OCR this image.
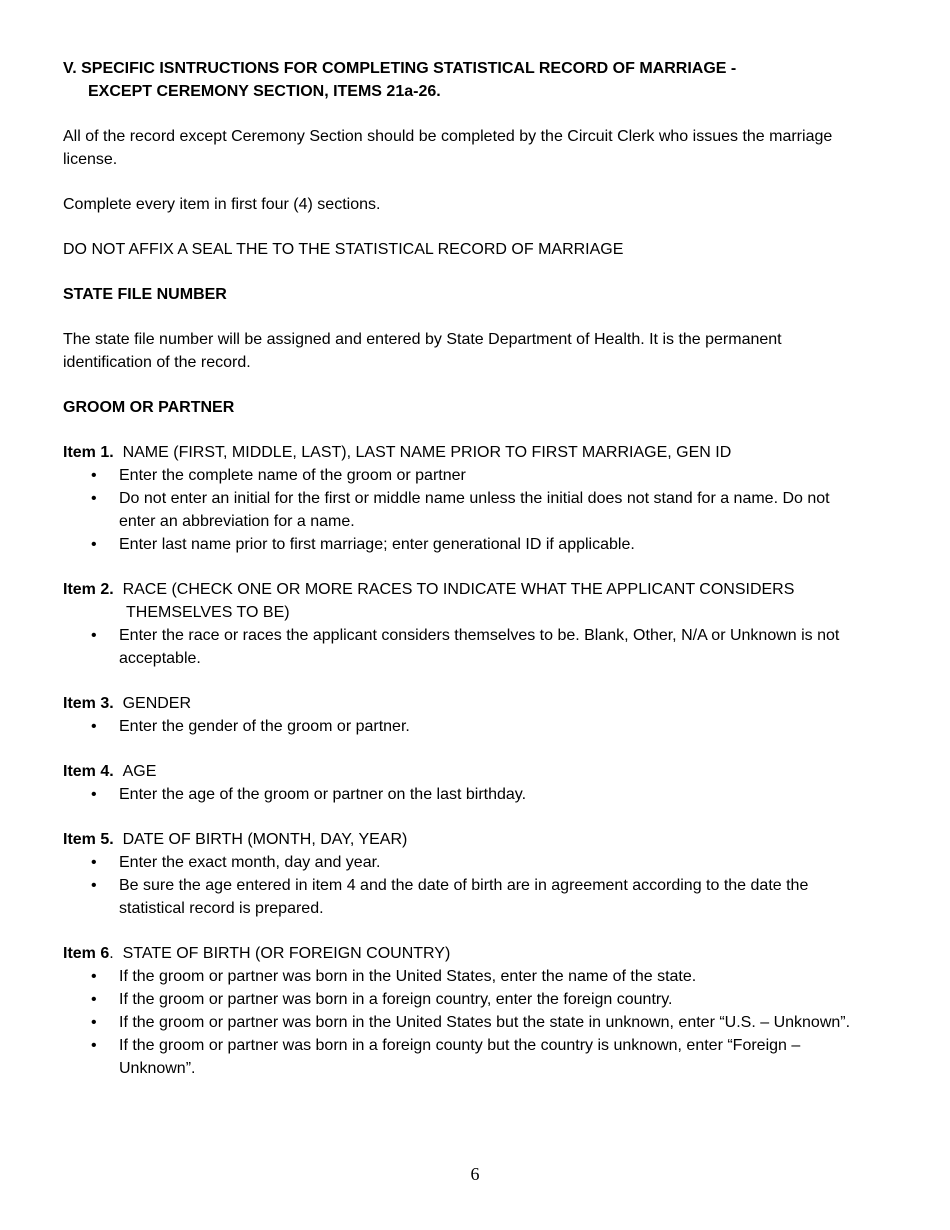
V. SPECIFIC ISNTRUCTIONS FOR COMPLETING STATISTICAL RECORD OF MARRIAGE -
EXCEPT CEREMONY SECTION, ITEMS 21a-26.

All of the record except Ceremony Section should be completed by the Circuit Clerk who issues the marriage license.

Complete every item in first four (4) sections.

DO NOT AFFIX A SEAL THE TO THE STATISTICAL RECORD OF MARRIAGE

STATE FILE NUMBER

The state file number will be assigned and entered by State Department of Health. It is the permanent identification of the record.

GROOM OR PARTNER

Item 1. NAME (FIRST, MIDDLE, LAST), LAST NAME PRIOR TO FIRST MARRIAGE, GEN ID

• Enter the complete name of the groom or partner
• Do not enter an initial for the first or middle name unless the initial does not stand for a name. Do not enter an abbreviation for a name.
• Enter last name prior to first marriage; enter generational ID if applicable.

Item 2. RACE (CHECK ONE OR MORE RACES TO INDICATE WHAT THE APPLICANT CONSIDERS
THEMSELVES TO BE)

• Enter the race or races the applicant considers themselves to be. Blank, Other, N/A or Unknown is not acceptable.

Item 3. GENDER

• Enter the gender of the groom or partner.

Item 4. AGE

• Enter the age of the groom or partner on the last birthday.

Item 5. DATE OF BIRTH (MONTH, DAY, YEAR)

• Enter the exact month, day and year.
• Be sure the age entered in item 4 and the date of birth are in agreement according to the date the statistical record is prepared.

Item 6. STATE OF BIRTH (OR FOREIGN COUNTRY)

• If the groom or partner was born in the United States, enter the name of the state.
• If the groom or partner was born in a foreign country, enter the foreign country.
• If the groom or partner was born in the United States but the state in unknown, enter “U.S. – Unknown”.
• If the groom or partner was born in a foreign county but the country is unknown, enter “Foreign – Unknown”.
6
